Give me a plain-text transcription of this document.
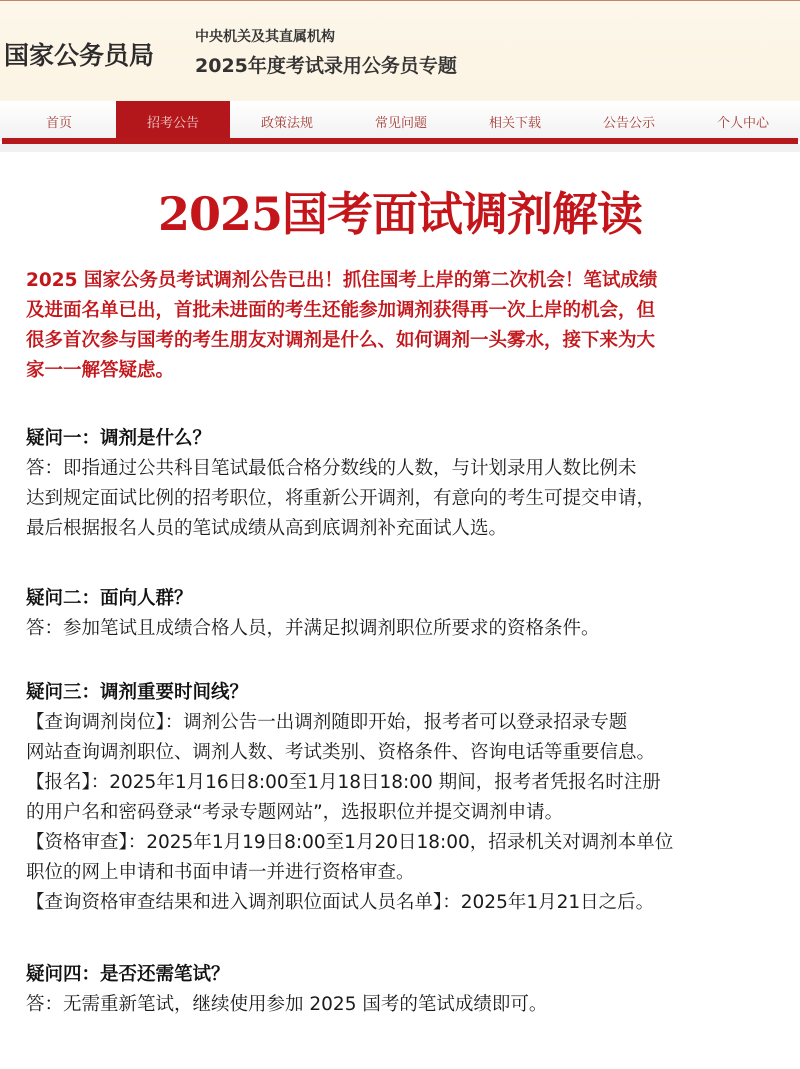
国家公务员局
中央机关及其直属机构
2025年度考试录用公务员专题
首页	招考公告	政策法规	常见问题	相关下载	公告公示	个人中心
2025国考面试调剂解读
2025 国家公务员考试调剂公告已出！抓住国考上岸的第二次机会！笔试成绩
及进面名单已出，首批未进面的考生还能参加调剂获得再一次上岸的机会，但
很多首次参与国考的考生朋友对调剂是什么、如何调剂一头雾水，接下来为大
家一一解答疑虑。
疑问一：调剂是什么？
答：即指通过公共科目笔试最低合格分数线的人数，与计划录用人数比例未
达到规定面试比例的招考职位，将重新公开调剂，有意向的考生可提交申请，
最后根据报名人员的笔试成绩从高到底调剂补充面试人选。
疑问二：面向人群？
答：参加笔试且成绩合格人员，并满足拟调剂职位所要求的资格条件。
疑问三：调剂重要时间线？
【查询调剂岗位】：调剂公告一出调剂随即开始，报考者可以登录招录专题
网站查询调剂职位、调剂人数、考试类别、资格条件、咨询电话等重要信息。
【报名】：2025年1月16日8:00至1月18日18:00 期间，报考者凭报名时注册
的用户名和密码登录“考录专题网站”，选报职位并提交调剂申请。
【资格审查】：2025年1月19日8:00至1月20日18:00，招录机关对调剂本单位
职位的网上申请和书面申请一并进行资格审查。
【查询资格审查结果和进入调剂职位面试人员名单】：2025年1月21日之后。
疑问四：是否还需笔试？
答：无需重新笔试，继续使用参加 2025 国考的笔试成绩即可。
